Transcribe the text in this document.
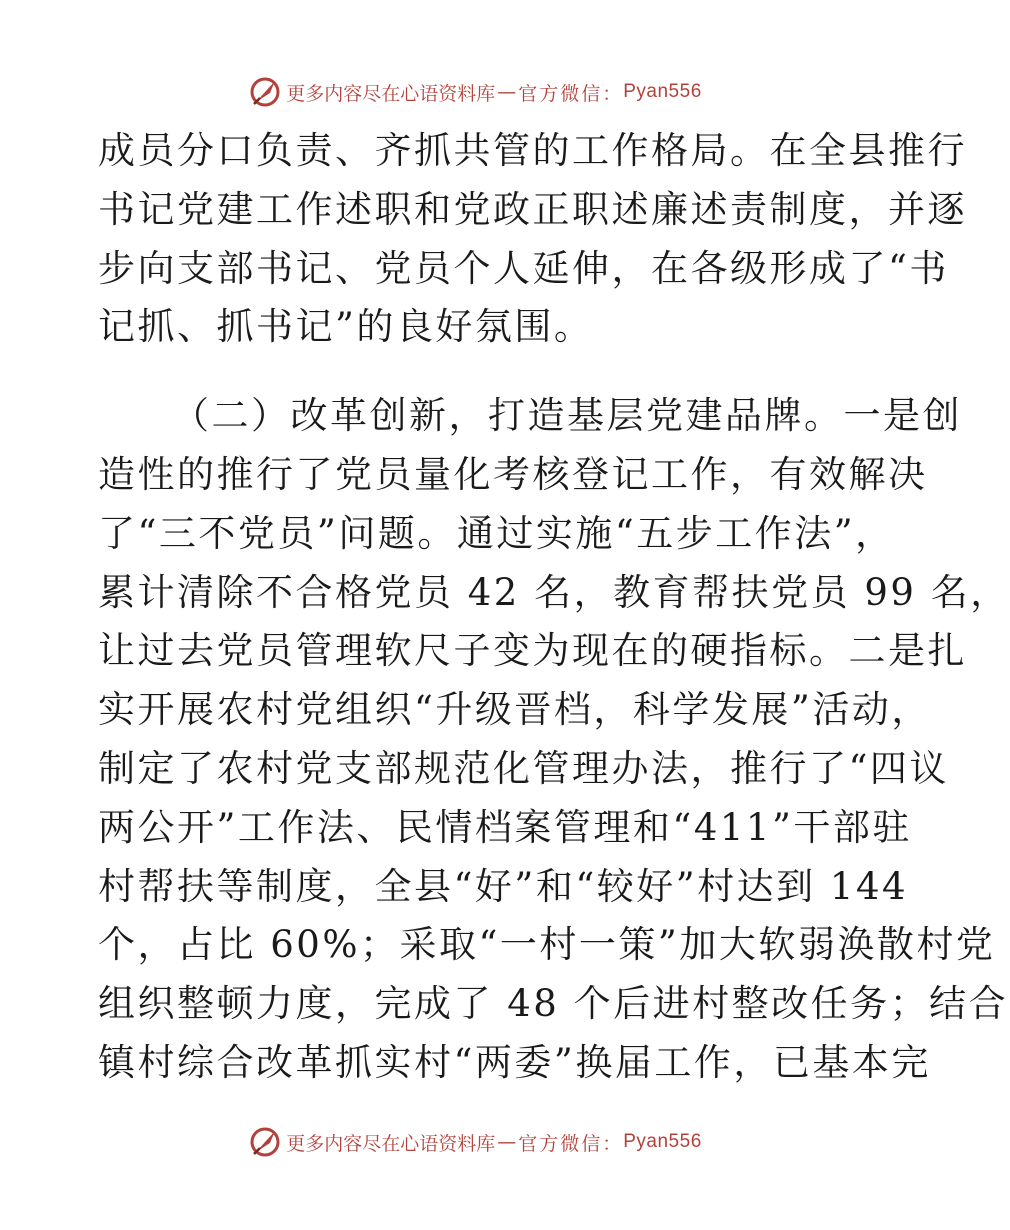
更多内容尽在心语资料库 — 官方微信： Pyan556
成员分口负责、齐抓共管的工作格局。在全县推行
书记党建工作述职和党政正职述廉述责制度，并逐
步向支部书记、党员个人延伸，在各级形成了“书
记抓、抓书记”的良好氛围。
（二）改革创新，打造基层党建品牌。一是创
造性的推行了党员量化考核登记工作，有效解决
了“三不党员”问题。通过实施“五步工作法”，
累计清除不合格党员 42 名，教育帮扶党员 99 名，
让过去党员管理软尺子变为现在的硬指标。二是扎
实开展农村党组织“升级晋档，科学发展”活动，
制定了农村党支部规范化管理办法，推行了“四议
两公开”工作法、民情档案管理和“411”干部驻
村帮扶等制度，全县“好”和“较好”村达到 144
个，占比 60%；采取“一村一策”加大软弱涣散村党
组织整顿力度，完成了 48 个后进村整改任务；结合
镇村综合改革抓实村“两委”换届工作，已基本完
更多内容尽在心语资料库 — 官方微信： Pyan556
